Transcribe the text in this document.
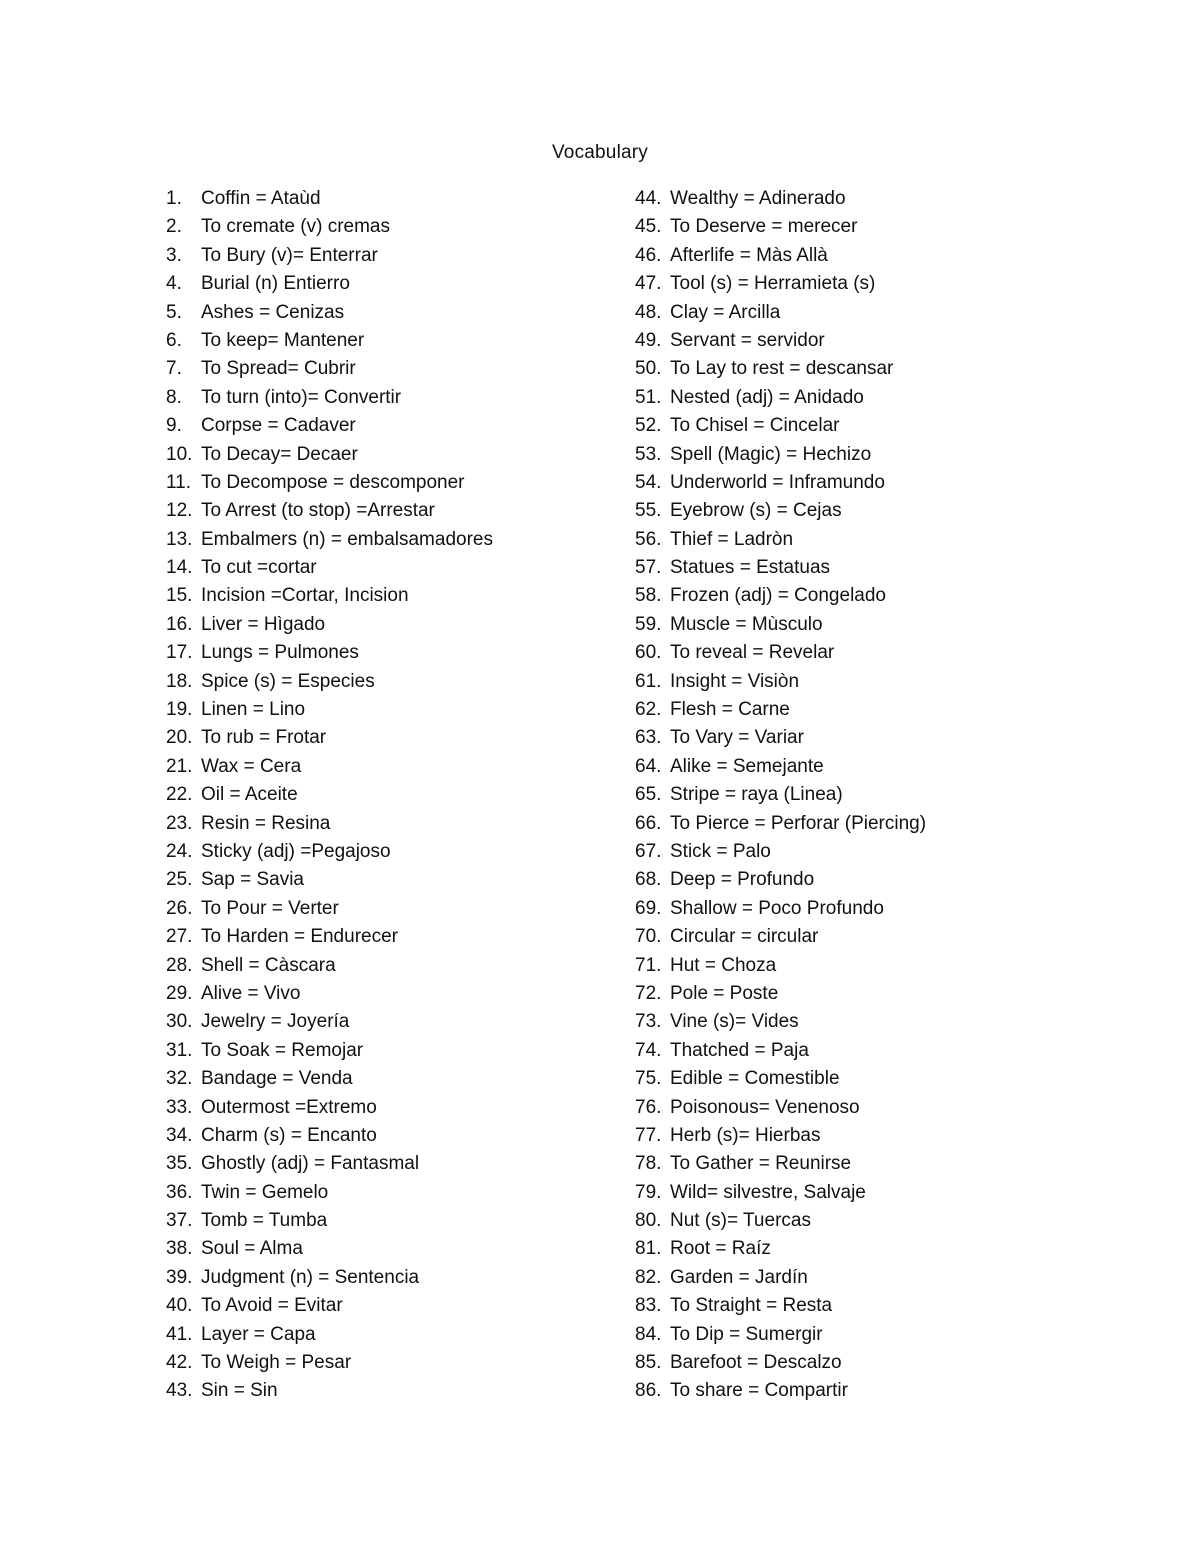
Vocabulary
1.	Coffin = Ataùd
2.	To cremate (v) cremas
3.	To Bury (v)= Enterrar
4.	Burial (n) Entierro
5.	Ashes = Cenizas
6.	To keep= Mantener
7.	To Spread= Cubrir
8.	To turn (into)= Convertir
9.	Corpse = Cadaver
10. To Decay= Decaer
11. To Decompose = descomponer
12. To Arrest (to stop) =Arrestar
13. Embalmers (n) = embalsamadores
14. To cut =cortar
15. Incision =Cortar, Incision
16. Liver = Hìgado
17. Lungs = Pulmones
18. Spice (s) = Especies
19. Linen = Lino
20. To rub = Frotar
21. Wax = Cera
22. Oil = Aceite
23. Resin = Resina
24. Sticky (adj) =Pegajoso
25. Sap = Savia
26. To Pour = Verter
27. To Harden = Endurecer
28. Shell = Càscara
29. Alive = Vivo
30. Jewelry = Joyería
31. To Soak = Remojar
32. Bandage = Venda
33. Outermost =Extremo
34. Charm (s) = Encanto
35. Ghostly (adj) = Fantasmal
36. Twin = Gemelo
37. Tomb = Tumba
38. Soul = Alma
39. Judgment (n) = Sentencia
40. To Avoid = Evitar
41. Layer = Capa
42. To Weigh = Pesar
43. Sin = Sin
44. Wealthy = Adinerado
45. To Deserve = merecer
46. Afterlife = Màs Allà
47. Tool (s) = Herramieta (s)
48. Clay = Arcilla
49. Servant = servidor
50. To Lay to rest = descansar
51. Nested (adj) = Anidado
52. To Chisel = Cincelar
53. Spell (Magic) = Hechizo
54. Underworld = Inframundo
55. Eyebrow (s) = Cejas
56. Thief = Ladròn
57. Statues = Estatuas
58. Frozen (adj) = Congelado
59. Muscle = Mùsculo
60. To reveal = Revelar
61. Insight = Visiòn
62. Flesh = Carne
63. To Vary = Variar
64. Alike = Semejante
65. Stripe = raya (Linea)
66. To Pierce = Perforar (Piercing)
67. Stick = Palo
68. Deep = Profundo
69. Shallow = Poco Profundo
70. Circular = circular
71. Hut = Choza
72. Pole = Poste
73. Vine (s)= Vides
74. Thatched = Paja
75. Edible = Comestible
76. Poisonous= Venenoso
77. Herb (s)= Hierbas
78. To Gather = Reunirse
79. Wild= silvestre, Salvaje
80. Nut (s)= Tuercas
81. Root = Raíz
82. Garden = Jardín
83. To Straight = Resta
84. To Dip = Sumergir
85. Barefoot = Descalzo
86. To share = Compartir
